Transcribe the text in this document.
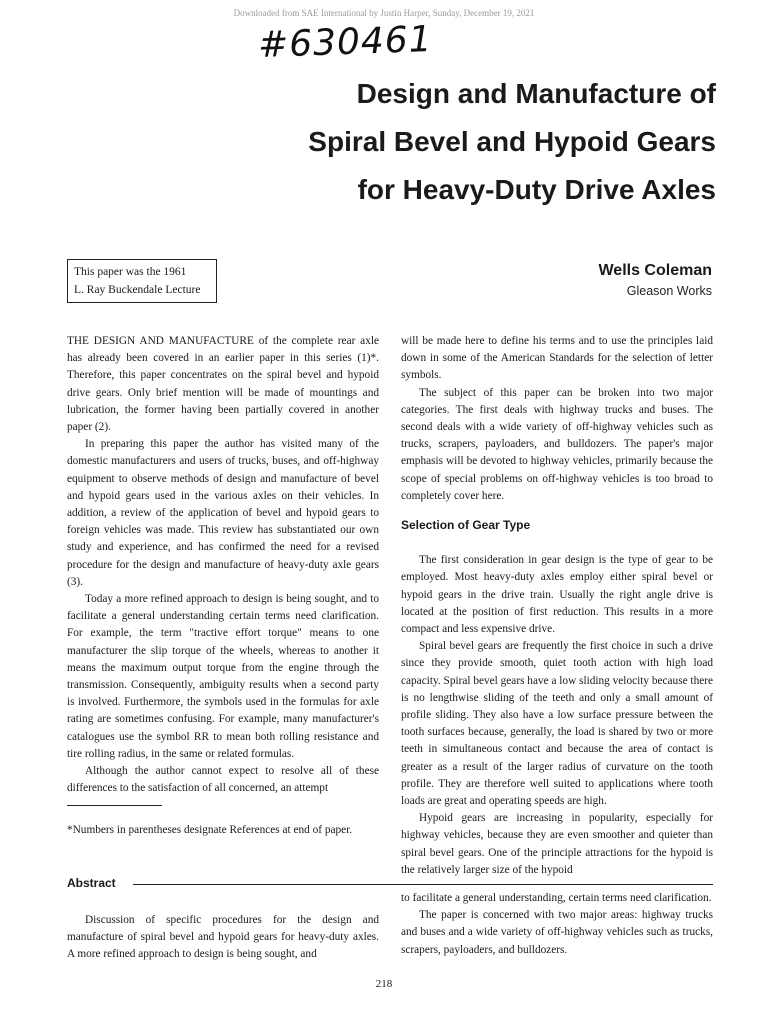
Downloaded from SAE International by Justin Harper, Sunday, December 19, 2021
#630461
Design and Manufacture of
Spiral Bevel and Hypoid Gears
for Heavy-Duty Drive Axles
This paper was the 1961
L. Ray Buckendale Lecture
Wells Coleman
Gleason Works

THE DESIGN AND MANUFACTURE of the complete rear axle has already been covered in an earlier paper in this series (1)*. Therefore, this paper concentrates on the spiral bevel and hypoid drive gears. Only brief mention will be made of mountings and lubrication, the former having been partially covered in another paper (2).

In preparing this paper the author has visited many of the domestic manufacturers and users of trucks, buses, and off-highway equipment to observe methods of design and manufacture of bevel and hypoid gears used in the various axles on their vehicles. In addition, a review of the application of bevel and hypoid gears to foreign vehicles was made. This review has substantiated our own study and experience, and has confirmed the need for a revised procedure for the design and manufacture of heavy-duty axle gears (3).

Today a more refined approach to design is being sought, and to facilitate a general understanding certain terms need clarification. For example, the term "tractive effort torque" means to one manufacturer the slip torque of the wheels, whereas to another it means the maximum output torque from the engine through the transmission. Consequently, ambiguity results when a second party is involved. Furthermore, the symbols used in the formulas for axle rating are sometimes confusing. For example, many manufacturer's catalogues use the symbol RR to mean both rolling resistance and tire rolling radius, in the same or related formulas.

Although the author cannot expect to resolve all of these differences to the satisfaction of all concerned, an attempt

*Numbers in parentheses designate References at end of paper.

will be made here to define his terms and to use the principles laid down in some of the American Standards for the selection of letter symbols.

The subject of this paper can be broken into two major categories. The first deals with highway trucks and buses. The second deals with a wide variety of off-highway vehicles such as trucks, scrapers, payloaders, and bulldozers. The paper's major emphasis will be devoted to highway vehicles, primarily because the scope of special problems on off-highway vehicles is too broad to completely cover here.

Selection of Gear Type

The first consideration in gear design is the type of gear to be employed. Most heavy-duty axles employ either spiral bevel or hypoid gears in the drive train. Usually the right angle drive is located at the position of first reduction. This results in a more compact and less expensive drive.

Spiral bevel gears are frequently the first choice in such a drive since they provide smooth, quiet tooth action with high load capacity. Spiral bevel gears have a low sliding velocity because there is no lengthwise sliding of the teeth and only a small amount of profile sliding. They also have a low surface pressure between the tooth surfaces because, generally, the load is shared by two or more teeth in simultaneous contact and because the area of contact is greater as a result of the larger radius of curvature on the tooth profile. They are therefore well suited to applications where tooth loads are great and operating speeds are high.

Hypoid gears are increasing in popularity, especially for highway vehicles, because they are even smoother and quieter than spiral bevel gears. One of the principle attractions for the hypoid is the relatively larger size of the hypoid

Abstract
Discussion of specific procedures for the design and manufacture of spiral bevel and hypoid gears for heavy-duty axles. A more refined approach to design is being sought, and

to facilitate a general understanding, certain terms need clarification.

The paper is concerned with two major areas: highway trucks and buses and a wide variety of off-highway vehicles such as trucks, scrapers, payloaders, and bulldozers.

218
